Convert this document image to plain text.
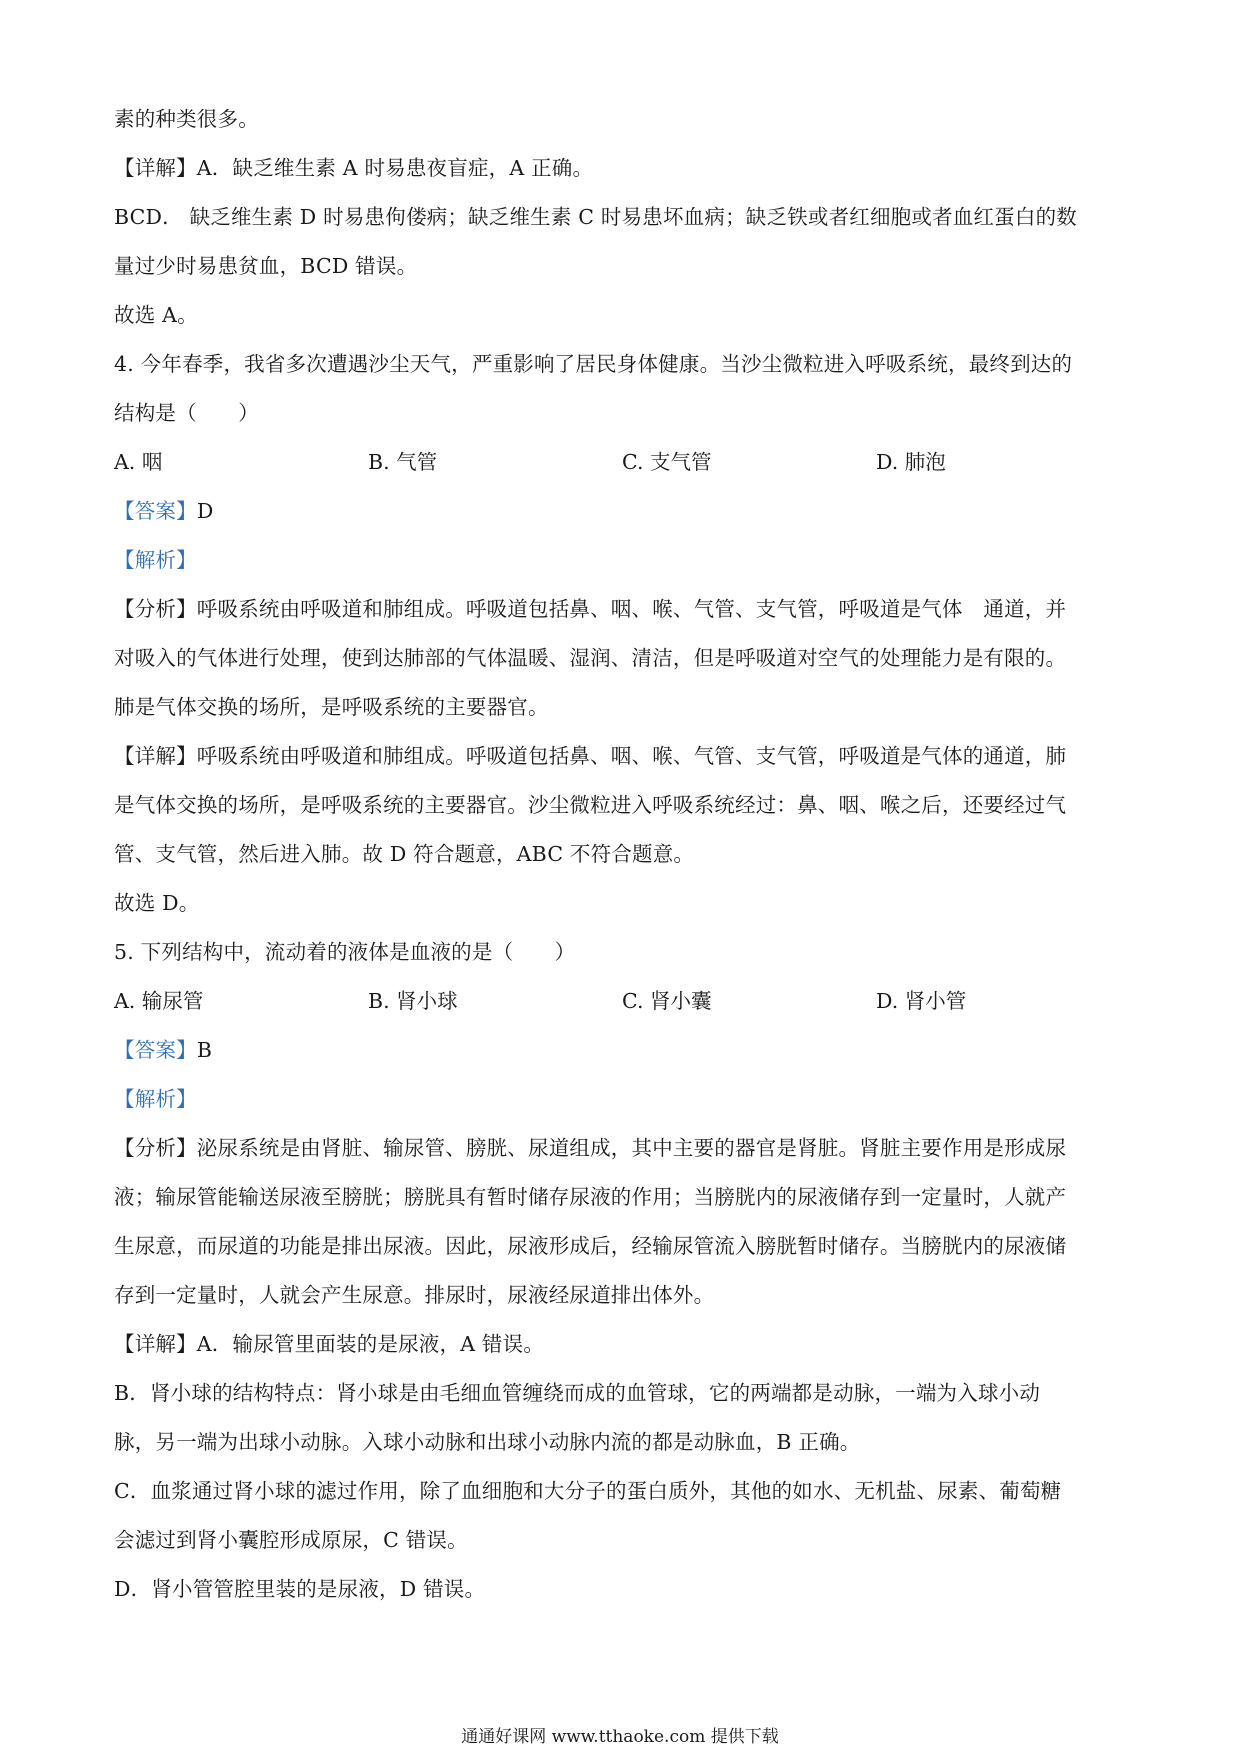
素的种类很多。
【详解】A．缺乏维生素 A 时易患夜盲症，A 正确。
BCD． 缺乏维生素 D 时易患佝偻病；缺乏维生素 C 时易患坏血病；缺乏铁或者红细胞或者血红蛋白的数
量过少时易患贫血，BCD 错误。
故选 A。
4. 今年春季，我省多次遭遇沙尘天气，严重影响了居民身体健康。当沙尘微粒进入呼吸系统，最终到达的
结构是（　　）
A. 咽	B. 气管	C. 支气管	D. 肺泡
【答案】D
【解析】
【分析】呼吸系统由呼吸道和肺组成。呼吸道包括鼻、咽、喉、气管、支气管，呼吸道是气体　通道，并
对吸入的气体进行处理，使到达肺部的气体温暖、湿润、清洁，但是呼吸道对空气的处理能力是有限的。
肺是气体交换的场所，是呼吸系统的主要器官。
【详解】呼吸系统由呼吸道和肺组成。呼吸道包括鼻、咽、喉、气管、支气管，呼吸道是气体的通道，肺
是气体交换的场所，是呼吸系统的主要器官。沙尘微粒进入呼吸系统经过：鼻、咽、喉之后，还要经过气
管、支气管，然后进入肺。故 D 符合题意，ABC 不符合题意。
故选 D。
5. 下列结构中，流动着的液体是血液的是（　　）
A. 输尿管	B. 肾小球	C. 肾小囊	D. 肾小管
【答案】B
【解析】
【分析】泌尿系统是由肾脏、输尿管、膀胱、尿道组成，其中主要的器官是肾脏。肾脏主要作用是形成尿
液；输尿管能输送尿液至膀胱；膀胱具有暂时储存尿液的作用；当膀胱内的尿液储存到一定量时，人就产
生尿意，而尿道的功能是排出尿液。因此，尿液形成后，经输尿管流入膀胱暂时储存。当膀胱内的尿液储
存到一定量时，人就会产生尿意。排尿时，尿液经尿道排出体外。
【详解】A．输尿管里面装的是尿液，A 错误。
B．肾小球的结构特点：肾小球是由毛细血管缠绕而成的血管球，它的两端都是动脉，一端为入球小动
脉，另一端为出球小动脉。入球小动脉和出球小动脉内流的都是动脉血，B 正确。
C．血浆通过肾小球的滤过作用，除了血细胞和大分子的蛋白质外，其他的如水、无机盐、尿素、葡萄糖
会滤过到肾小囊腔形成原尿，C 错误。
D．肾小管管腔里装的是尿液，D 错误。
通通好课网 www.tthaoke.com 提供下载
